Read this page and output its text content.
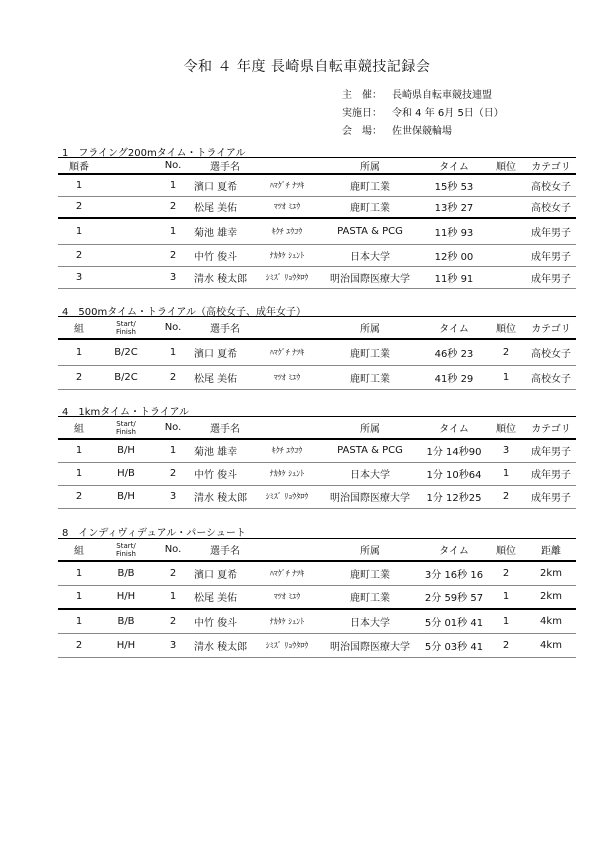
令和 ４ 年度 長崎県自転車競技記録会
主　催： 長崎県自転車競技連盟
実施日： 令和 4 年 6月 5日（日）
会　場： 佐世保競輪場
1　フライング200mタイム・トライアル
順番		No.	選手名		所属	タイム	順位	カテゴリ
1		1	濱口 夏希	ﾊﾏｸﾞﾁ ﾅﾂｷ	鹿町工業	15秒 53		高校女子
2		2	松尾 美佑	ﾏﾂｵ ﾐﾕｳ	鹿町工業	13秒 27		高校女子
1		1	菊池 雄幸	ｷｸﾁ ﾕｳｺｳ	PASTA & PCG	11秒 93		成年男子
2		2	中竹 俊斗	ﾅｶﾀｹ ｼｭﾝﾄ	日本大学	12秒 00		成年男子
3		3	清水 稜太郎	ｼﾐｽﾞ ﾘｮｳﾀﾛｳ	明治国際医療大学	11秒 91		成年男子
4　500mタイム・トライアル（高校女子、成年女子）
組	Start/
Finish	No.	選手名		所属	タイム	順位	カテゴリ
1	B/2C	1	濱口 夏希	ﾊﾏｸﾞﾁ ﾅﾂｷ	鹿町工業	46秒 23	2	高校女子
2	B/2C	2	松尾 美佑	ﾏﾂｵ ﾐﾕｳ	鹿町工業	41秒 29	1	高校女子
4　1kmタイム・トライアル
組	Start/
Finish	No.	選手名		所属	タイム	順位	カテゴリ
1	B/H	1	菊池 雄幸	ｷｸﾁ ﾕｳｺｳ	PASTA & PCG	1分 14秒90	3	成年男子
1	H/B	2	中竹 俊斗	ﾅｶﾀｹ ｼｭﾝﾄ	日本大学	1分 10秒64	1	成年男子
2	B/H	3	清水 稜太郎	ｼﾐｽﾞ ﾘｮｳﾀﾛｳ	明治国際医療大学	1分 12秒25	2	成年男子
8　インディヴィデュアル・パーシュート
組	Start/
Finish	No.	選手名		所属	タイム	順位	距離
1	B/B	2	濱口 夏希	ﾊﾏｸﾞﾁ ﾅﾂｷ	鹿町工業	3分 16秒 16	2	2km
1	H/H	1	松尾 美佑	ﾏﾂｵ ﾐﾕｳ	鹿町工業	2分 59秒 57	1	2km
1	B/B	2	中竹 俊斗	ﾅｶﾀｹ ｼｭﾝﾄ	日本大学	5分 01秒 41	1	4km
2	H/H	3	清水 稜太郎	ｼﾐｽﾞ ﾘｮｳﾀﾛｳ	明治国際医療大学	5分 03秒 41	2	4km
